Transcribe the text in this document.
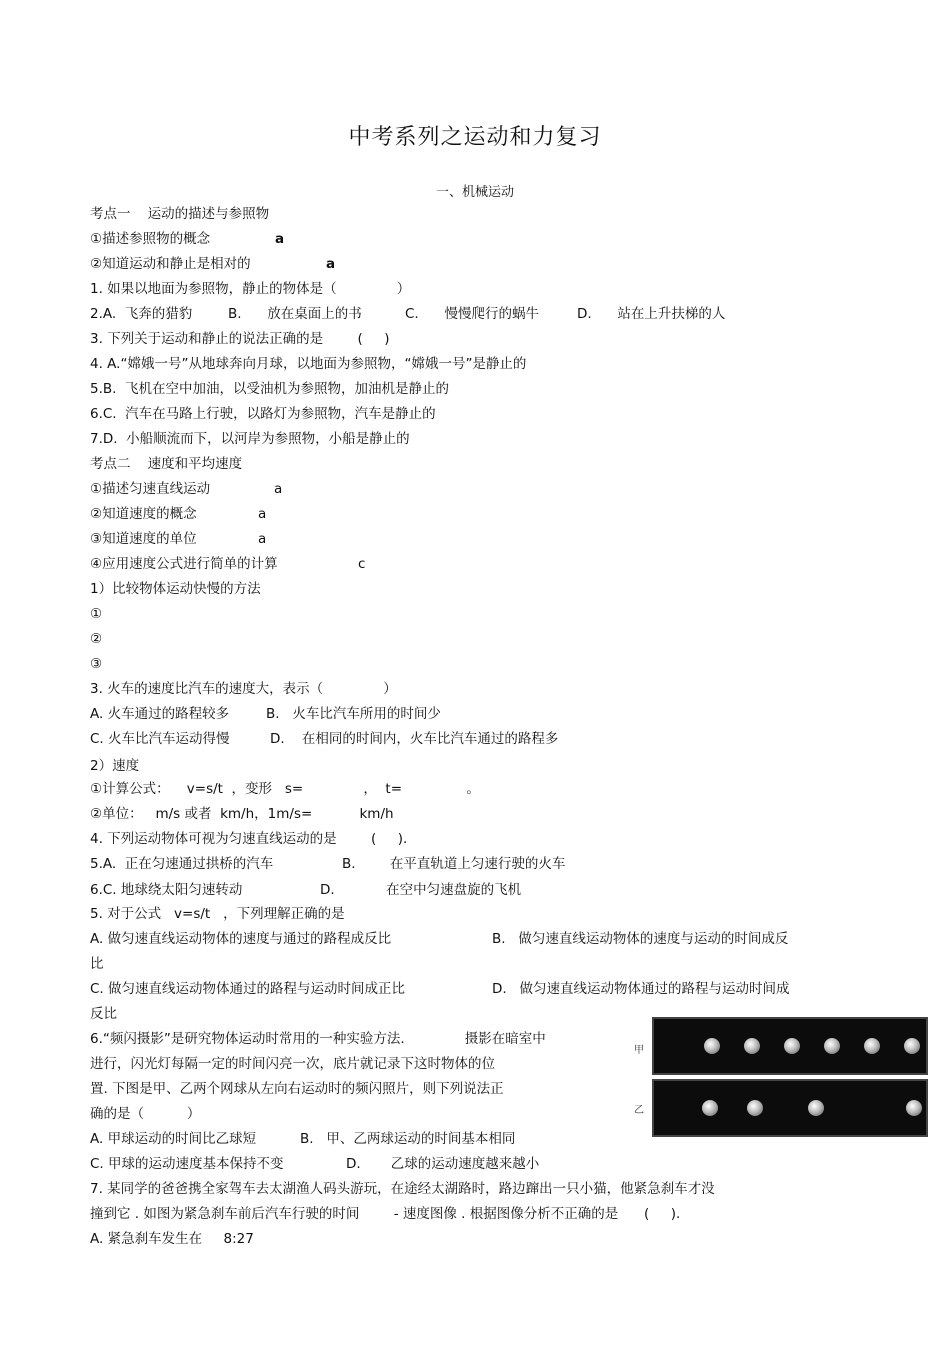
中考系列之运动和力复习
一、机械运动
考点一    运动的描述与参照物
①描述参照物的概念	a
②知道运动和静止是相对的	a
1. 如果以地面为参照物，静止的物体是（              ）
2.A.  飞奔的猎豹	B.      放在桌面上的书	C.      慢慢爬行的蜗牛	D.      站在上升扶梯的人
3. 下列关于运动和静止的说法正确的是        (     )
4. A.“嫦娥一号”从地球奔向月球，以地面为参照物，“嫦娥一号”是静止的
5.B.  飞机在空中加油，以受油机为参照物，加油机是静止的
6.C.  汽车在马路上行驶，以路灯为参照物，汽车是静止的
7.D.  小船顺流而下，以河岸为参照物，小船是静止的
考点二    速度和平均速度
①描述匀速直线运动	a
②知道速度的概念	a
③知道速度的单位	a
④应用速度公式进行简单的计算	c
1）比较物体运动快慢的方法
①
②
③
3. 火车的速度比汽车的速度大，表示（              ）
A. 火车通过的路程较多	B.   火车比汽车所用的时间少
C. 火车比汽车运动得慢	D.    在相同的时间内，火车比汽车通过的路程多
2）速度
①计算公式：    v=s/t  ，变形   s=              ，  t=               。
②单位：   m/s 或者  km/h，1m/s=           km/h
4. 下列运动物体可视为匀速直线运动的是        (     ).
5.A.  正在匀速通过拱桥的汽车	B.        在平直轨道上匀速行驶的火车
6.C. 地球绕太阳匀速转动	D.            在空中匀速盘旋的飞机
5. 对于公式   v=s/t   ，下列理解正确的是
A. 做匀速直线运动物体的速度与通过的路程成反比	B.   做匀速直线运动物体的速度与运动的时间成反
比
C. 做匀速直线运动物体通过的路程与运动时间成正比	D.   做匀速直线运动物体通过的路程与运动时间成
反比
6.“频闪摄影”是研究物体运动时常用的一种实验方法.              摄影在暗室中
进行，闪光灯每隔一定的时间闪亮一次，底片就记录下这时物体的位
置. 下图是甲、乙两个网球从左向右运动时的频闪照片，则下列说法正
确的是（          ）
A. 甲球运动的时间比乙球短	B.   甲、乙两球运动的时间基本相同
C. 甲球的运动速度基本保持不变	D.       乙球的运动速度越来越小
7. 某同学的爸爸携全家驾车去太湖渔人码头游玩，在途经太湖路时，路边蹿出一只小猫，他紧急刹车才没
撞到它 . 如图为紧急刹车前后汽车行驶的时间        - 速度图像 . 根据图像分析不正确的是      (     ).
A. 紧急刹车发生在     8:27
甲
乙
